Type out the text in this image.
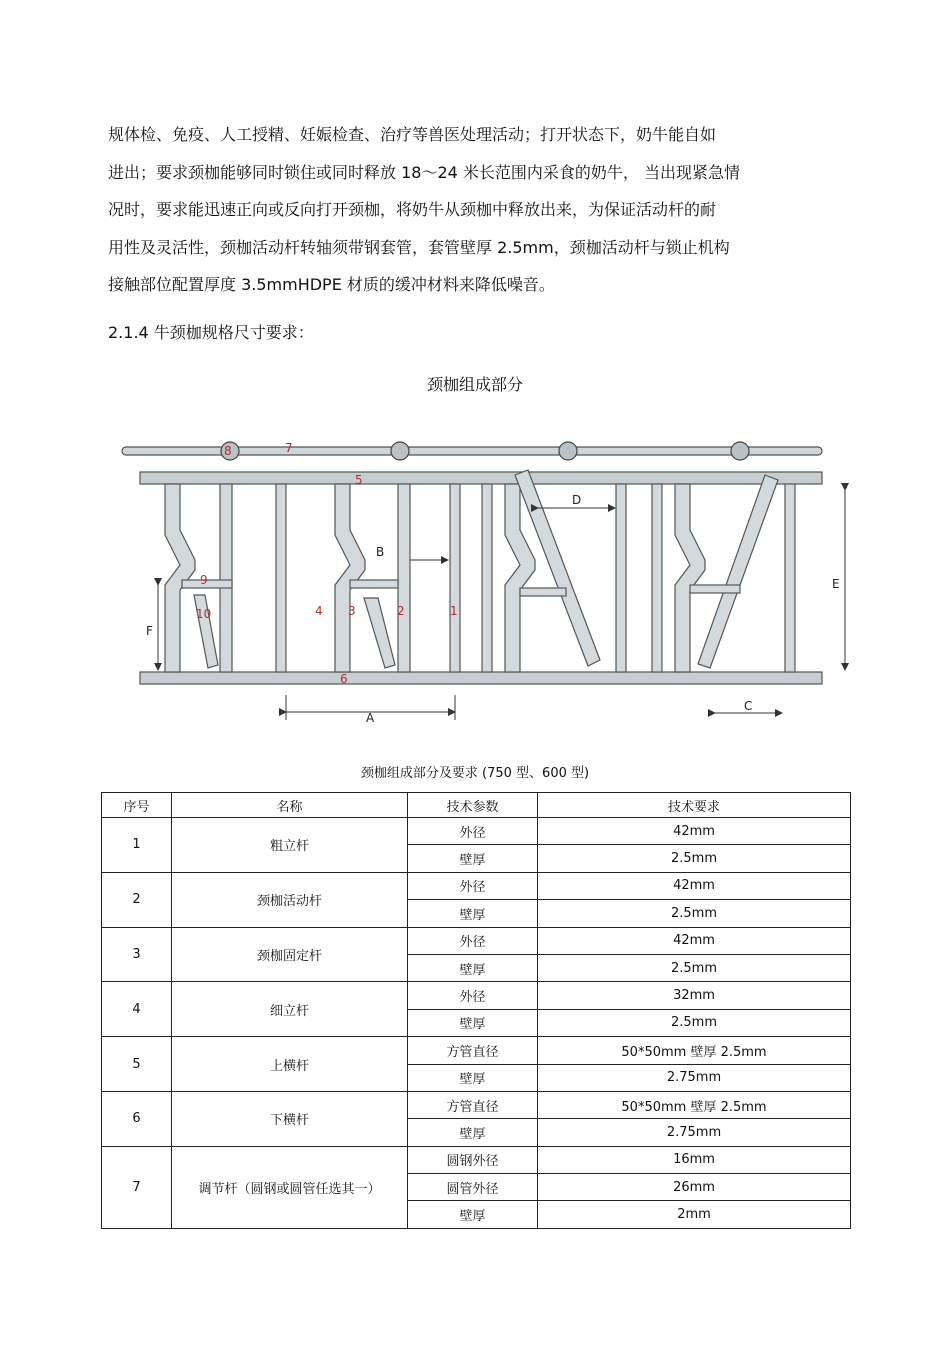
规体检、免疫、人工授精、妊娠检查、治疗等兽医处理活动；打开状态下，奶牛能自如
进出；要求颈枷能够同时锁住或同时释放 18～24 米长范围内采食的奶牛， 当出现紧急情
况时，要求能迅速正向或反向打开颈枷，将奶牛从颈枷中释放出来，为保证活动杆的耐
用性及灵活性，颈枷活动杆转轴须带钢套管，套管壁厚 2.5mm，颈枷活动杆与锁止机构
接触部位配置厚度 3.5mmHDPE 材质的缓冲材料来降低噪音。
2.1.4 牛颈枷规格尺寸要求：
颈枷组成部分
1
2
3
4
5
6
7
8
9
10
A
B
C
D
E
F
颈枷组成部分及要求 (750 型、600 型)
序号	名称	技术参数	技术要求
1	粗立杆	外径	42mm
		壁厚	2.5mm
2	颈枷活动杆	外径	42mm
		壁厚	2.5mm
3	颈枷固定杆	外径	42mm
		壁厚	2.5mm
4	细立杆	外径	32mm
		壁厚	2.5mm
5	上横杆	方管直径	50*50mm 壁厚 2.5mm
		壁厚	2.75mm
6	下横杆	方管直径	50*50mm 壁厚 2.5mm
		壁厚	2.75mm
7	调节杆（圆钢或圆管任选其一）	圆钢外径	16mm
		圆管外径	26mm
		壁厚	2mm
